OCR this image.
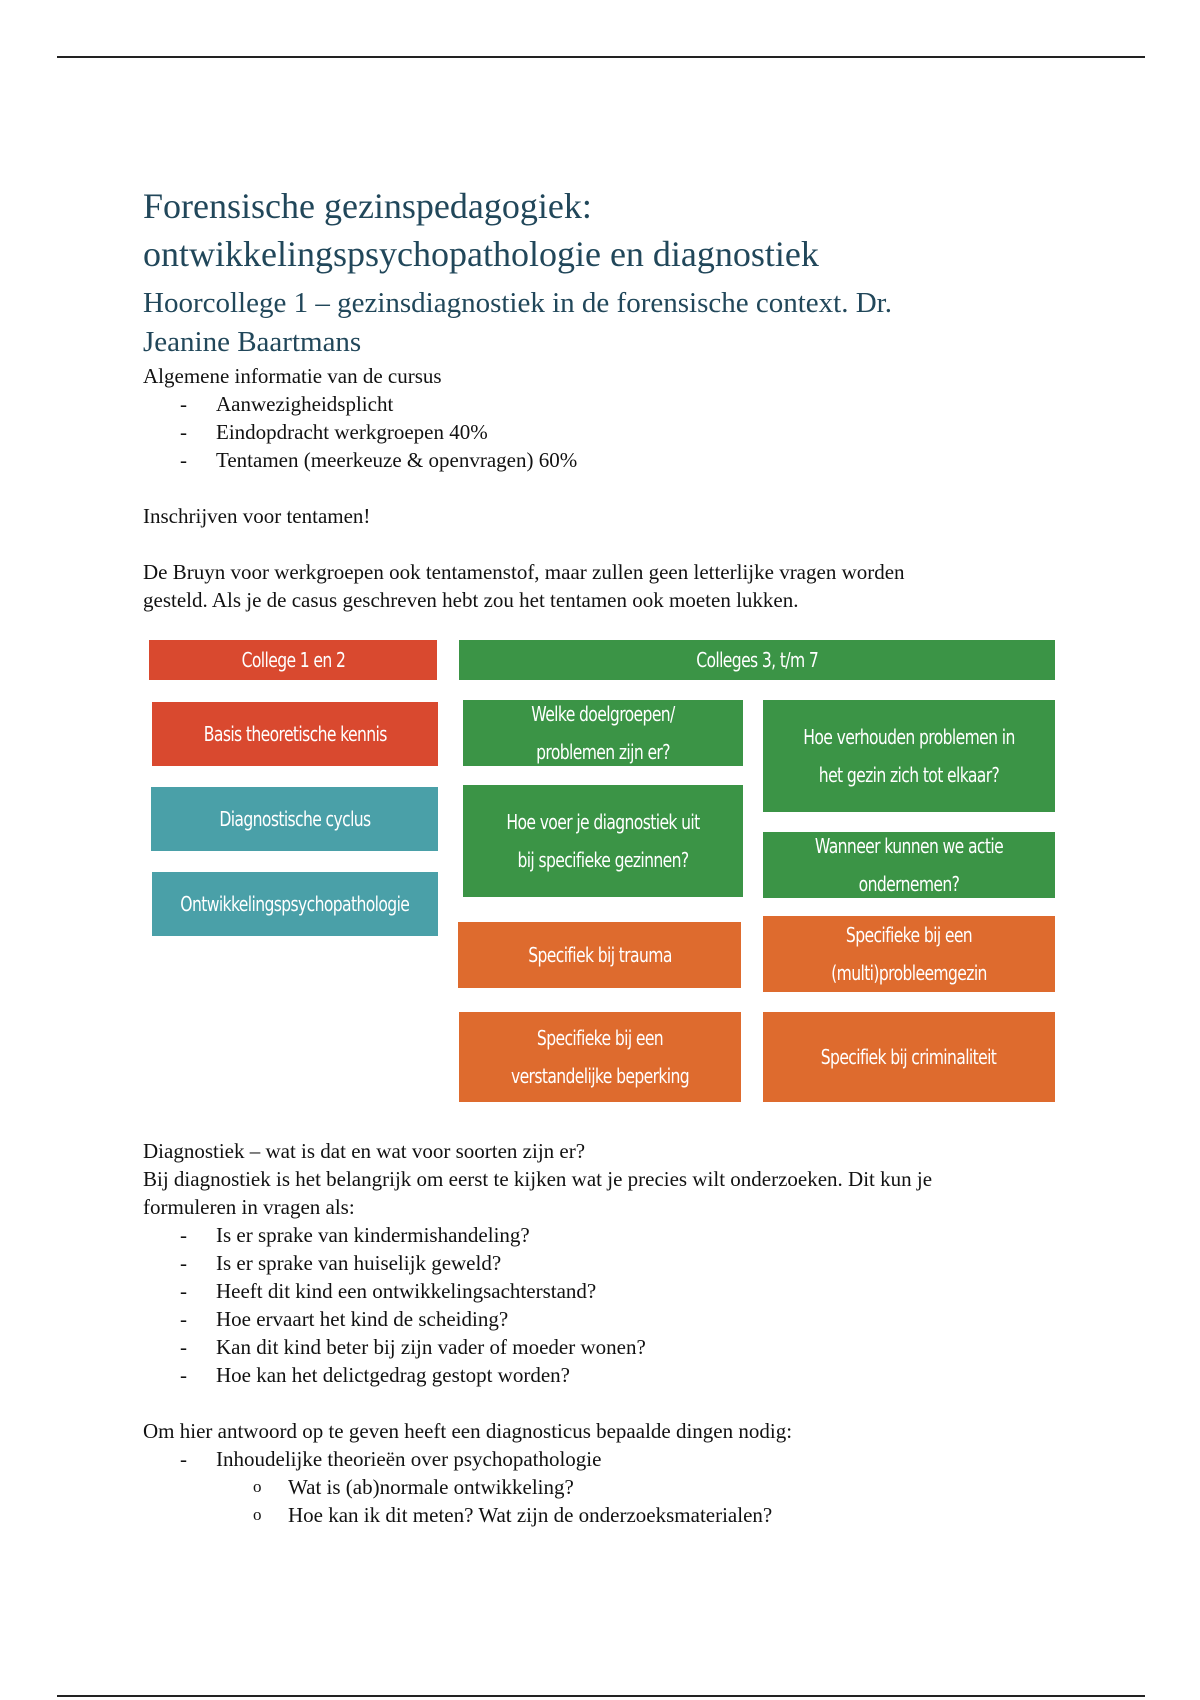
Forensische gezinspedagogiek:
ontwikkelingspsychopathologie en diagnostiek
Hoorcollege 1 – gezinsdiagnostiek in de forensische context. Dr.
Jeanine Baartmans

Algemene informatie van de cursus

- Aanwezigheidsplicht
- Eindopdracht werkgroepen 40%
- Tentamen (meerkeuze & openvragen) 60%

Inschrijven voor tentamen!

De Bruyn voor werkgroepen ook tentamenstof, maar zullen geen letterlijke vragen worden
gesteld. Als je de casus geschreven hebt zou het tentamen ook moeten lukken.

College 1 en 2	Colleges 3, t/m 7
Basis theoretische kennis
Diagnostische cyclus
Ontwikkelingspsychopathologie
Welke doelgroepen/ problemen zijn er?
Hoe verhouden problemen in het gezin zich tot elkaar?
Hoe voer je diagnostiek uit bij specifieke gezinnen?
Wanneer kunnen we actie ondernemen?
Specifiek bij trauma
Specifieke bij een (multi)probleemgezin
Specifieke bij een verstandelijke beperking
Specifiek bij criminaliteit

Diagnostiek – wat is dat en wat voor soorten zijn er?

Bij diagnostiek is het belangrijk om eerst te kijken wat je precies wilt onderzoeken. Dit kun je
formuleren in vragen als:

- Is er sprake van kindermishandeling?
- Is er sprake van huiselijk geweld?
- Heeft dit kind een ontwikkelingsachterstand?
- Hoe ervaart het kind de scheiding?
- Kan dit kind beter bij zijn vader of moeder wonen?
- Hoe kan het delictgedrag gestopt worden?

Om hier antwoord op te geven heeft een diagnosticus bepaalde dingen nodig:

- Inhoudelijke theorieën over psychopathologie
o Wat is (ab)normale ontwikkeling?
o Hoe kan ik dit meten? Wat zijn de onderzoeksmaterialen?
